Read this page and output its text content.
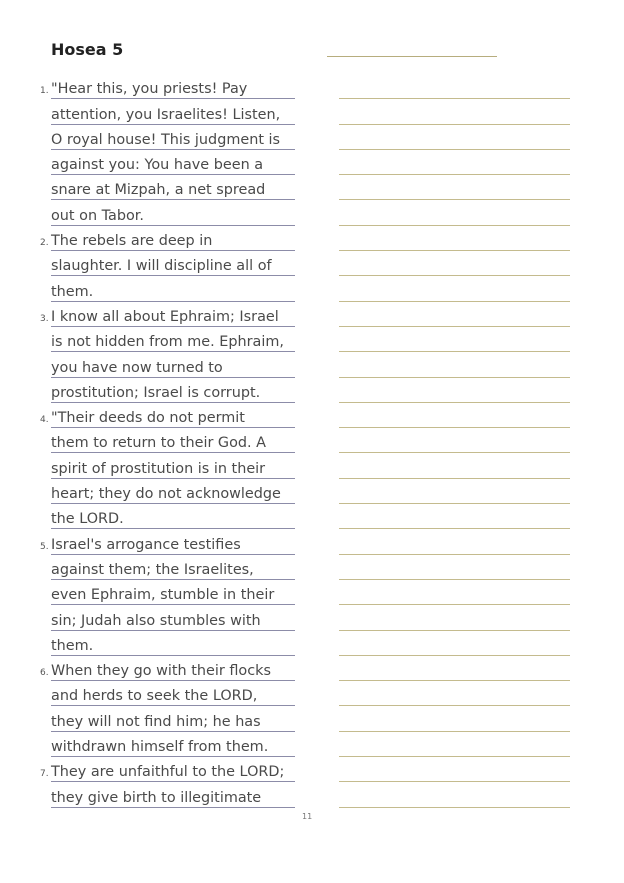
Hosea 5
1. "Hear this, you priests! Pay
attention, you Israelites! Listen,
O royal house! This judgment is
against you: You have been a
snare at Mizpah, a net spread
out on Tabor.
2. The rebels are deep in
slaughter. I will discipline all of
them.
3. I know all about Ephraim; Israel
is not hidden from me. Ephraim,
you have now turned to
prostitution; Israel is corrupt.
4. "Their deeds do not permit
them to return to their God. A
spirit of prostitution is in their
heart; they do not acknowledge
the LORD.
5. Israel's arrogance testifies
against them; the Israelites,
even Ephraim, stumble in their
sin; Judah also stumbles with
them.
6. When they go with their flocks
and herds to seek the LORD,
they will not find him; he has
withdrawn himself from them.
7. They are unfaithful to the LORD;
they give birth to illegitimate
11
